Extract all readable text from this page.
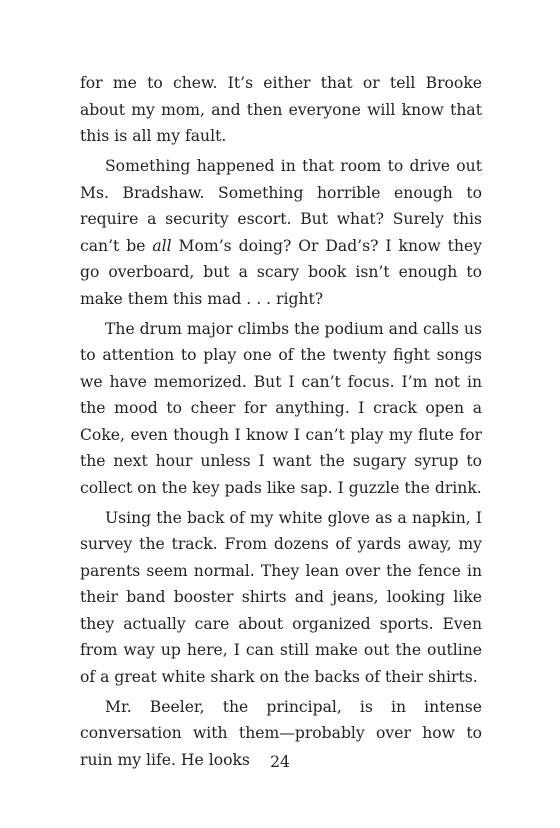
for me to chew. It’s either that or tell Brooke about my mom, and then everyone will know that this is all my fault.

Something happened in that room to drive out Ms. Bradshaw. Something horrible enough to require a security escort. But what? Surely this can’t be all Mom’s doing? Or Dad’s? I know they go overboard, but a scary book isn’t enough to make them this mad . . . right?

The drum major climbs the podium and calls us to attention to play one of the twenty fight songs we have memorized. But I can’t focus. I’m not in the mood to cheer for anything. I crack open a Coke, even though I know I can’t play my flute for the next hour unless I want the sugary syrup to collect on the key pads like sap. I guzzle the drink.

Using the back of my white glove as a napkin, I survey the track. From dozens of yards away, my parents seem normal. They lean over the fence in their band booster shirts and jeans, looking like they actually care about organized sports. Even from way up here, I can still make out the outline of a great white shark on the backs of their shirts.

Mr. Beeler, the principal, is in intense conversation with them—probably over how to ruin my life. He looks	24
